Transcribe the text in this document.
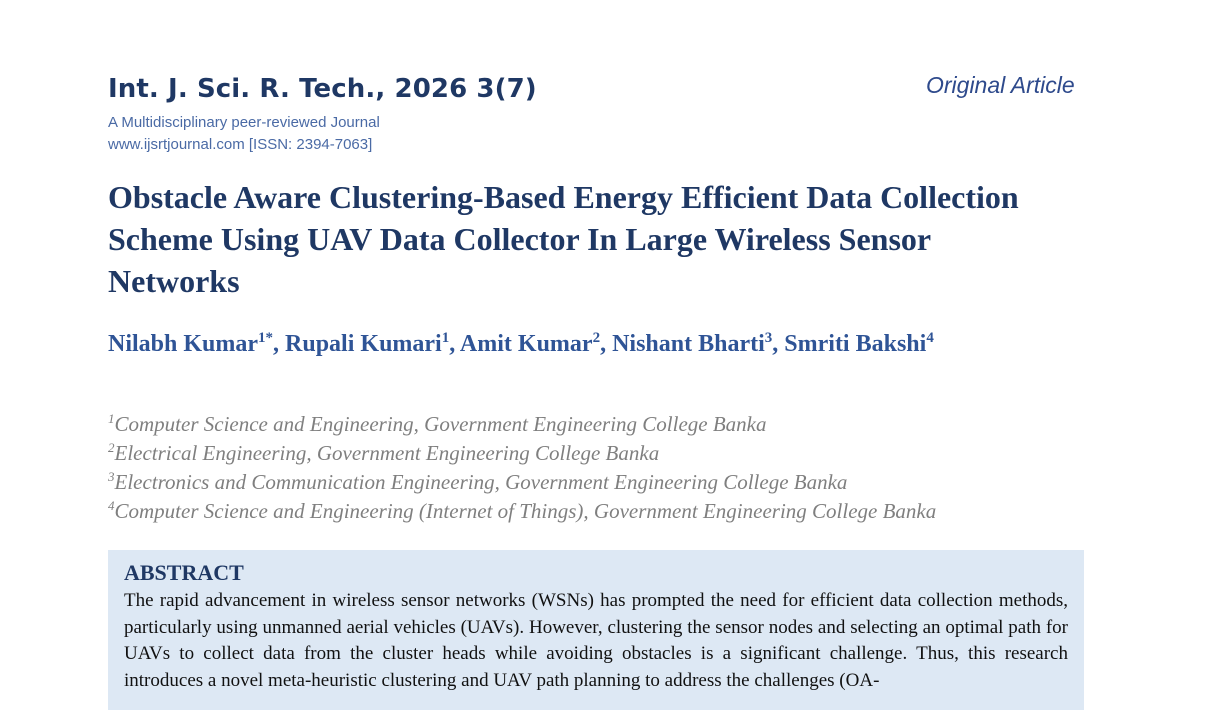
Int. J. Sci. R. Tech., 2026 3(7)	Original Article
A Multidisciplinary peer-reviewed Journal
www.ijsrtjournal.com [ISSN: 2394-7063]
Obstacle Aware Clustering-Based Energy Efficient Data Collection Scheme Using UAV Data Collector In Large Wireless Sensor Networks
Nilabh Kumar$^{1*}$, Rupali Kumari$^1$, Amit Kumar$^2$, Nishant Bharti$^3$, Smriti Bakshi$^4$
$^1$Computer Science and Engineering, Government Engineering College Banka
$^2$Electrical Engineering, Government Engineering College Banka
$^3$Electronics and Communication Engineering, Government Engineering College Banka
$^4$Computer Science and Engineering (Internet of Things), Government Engineering College Banka
ABSTRACT
The rapid advancement in wireless sensor networks (WSNs) has prompted the need for efficient data collection methods, particularly using unmanned aerial vehicles (UAVs). However, clustering the sensor nodes and selecting an optimal path for UAVs to collect data from the cluster heads while avoiding obstacles is a significant challenge. Thus, this research introduces a novel meta-heuristic clustering and UAV path planning to address the challenges (OA-
